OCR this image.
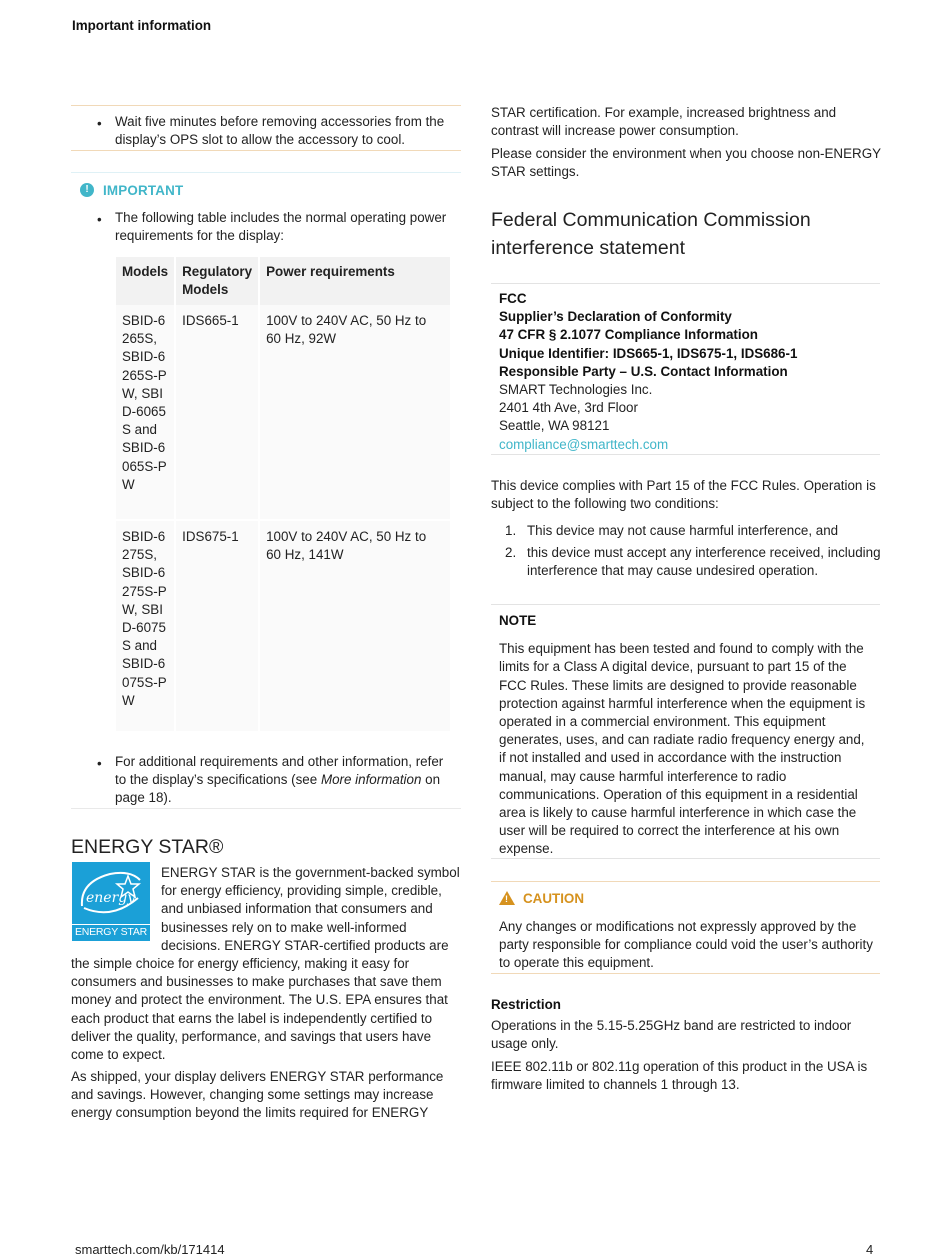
Important information
• Wait five minutes before removing accessories from the display’s OPS slot to allow the accessory to cool.
!	IMPORTANT
• The following table includes the normal operating power requirements for the display:
Models	Regulatory Models	Power requirements
SBID-6265S, SBID-6265S-PW, SBID-6065S and SBID-6065S-PW	IDS665-1	100V to 240V AC, 50 Hz to 60 Hz, 92W
SBID-6275S, SBID-6275S-PW, SBID-6075S and SBID-6075S-PW	IDS675-1	100V to 240V AC, 50 Hz to 60 Hz, 141W
• For additional requirements and other information, refer to the display’s specifications (see More information on page 18).
ENERGY STAR®
energy
ENERGY STAR
ENERGY STAR is the government-backed symbol for energy efficiency, providing simple, credible, and unbiased information that consumers and businesses rely on to make well-informed decisions. ENERGY STAR-certified products are the simple choice for energy efficiency, making it easy for consumers and businesses to make purchases that save them money and protect the environment. The U.S. EPA ensures that each product that earns the label is independently certified to deliver the quality, performance, and savings that users have come to expect.
As shipped, your display delivers ENERGY STAR performance and savings. However, changing some settings may increase energy consumption beyond the limits required for ENERGY
STAR certification. For example, increased brightness and contrast will increase power consumption.
Please consider the environment when you choose non-ENERGY STAR settings.
Federal Communication Commission interference statement
FCC
Supplier’s Declaration of Conformity
47 CFR § 2.1077 Compliance Information
Unique Identifier: IDS665-1, IDS675-1, IDS686-1
Responsible Party – U.S. Contact Information
SMART Technologies Inc.
2401 4th Ave, 3rd Floor
Seattle, WA 98121
compliance@smarttech.com
This device complies with Part 15 of the FCC Rules. Operation is subject to the following two conditions:
1. This device may not cause harmful interference, and
2. this device must accept any interference received, including interference that may cause undesired operation.
NOTE
This equipment has been tested and found to comply with the limits for a Class A digital device, pursuant to part 15 of the FCC Rules. These limits are designed to provide reasonable protection against harmful interference when the equipment is operated in a commercial environment. This equipment generates, uses, and can radiate radio frequency energy and, if not installed and used in accordance with the instruction manual, may cause harmful interference to radio communications. Operation of this equipment in a residential area is likely to cause harmful interference in which case the user will be required to correct the interference at his own expense.
! CAUTION
Any changes or modifications not expressly approved by the party responsible for compliance could void the user’s authority to operate this equipment.
Restriction
Operations in the 5.15-5.25GHz band are restricted to indoor usage only.
IEEE 802.11b or 802.11g operation of this product in the USA is firmware limited to channels 1 through 13.
smarttech.com/kb/171414	4
